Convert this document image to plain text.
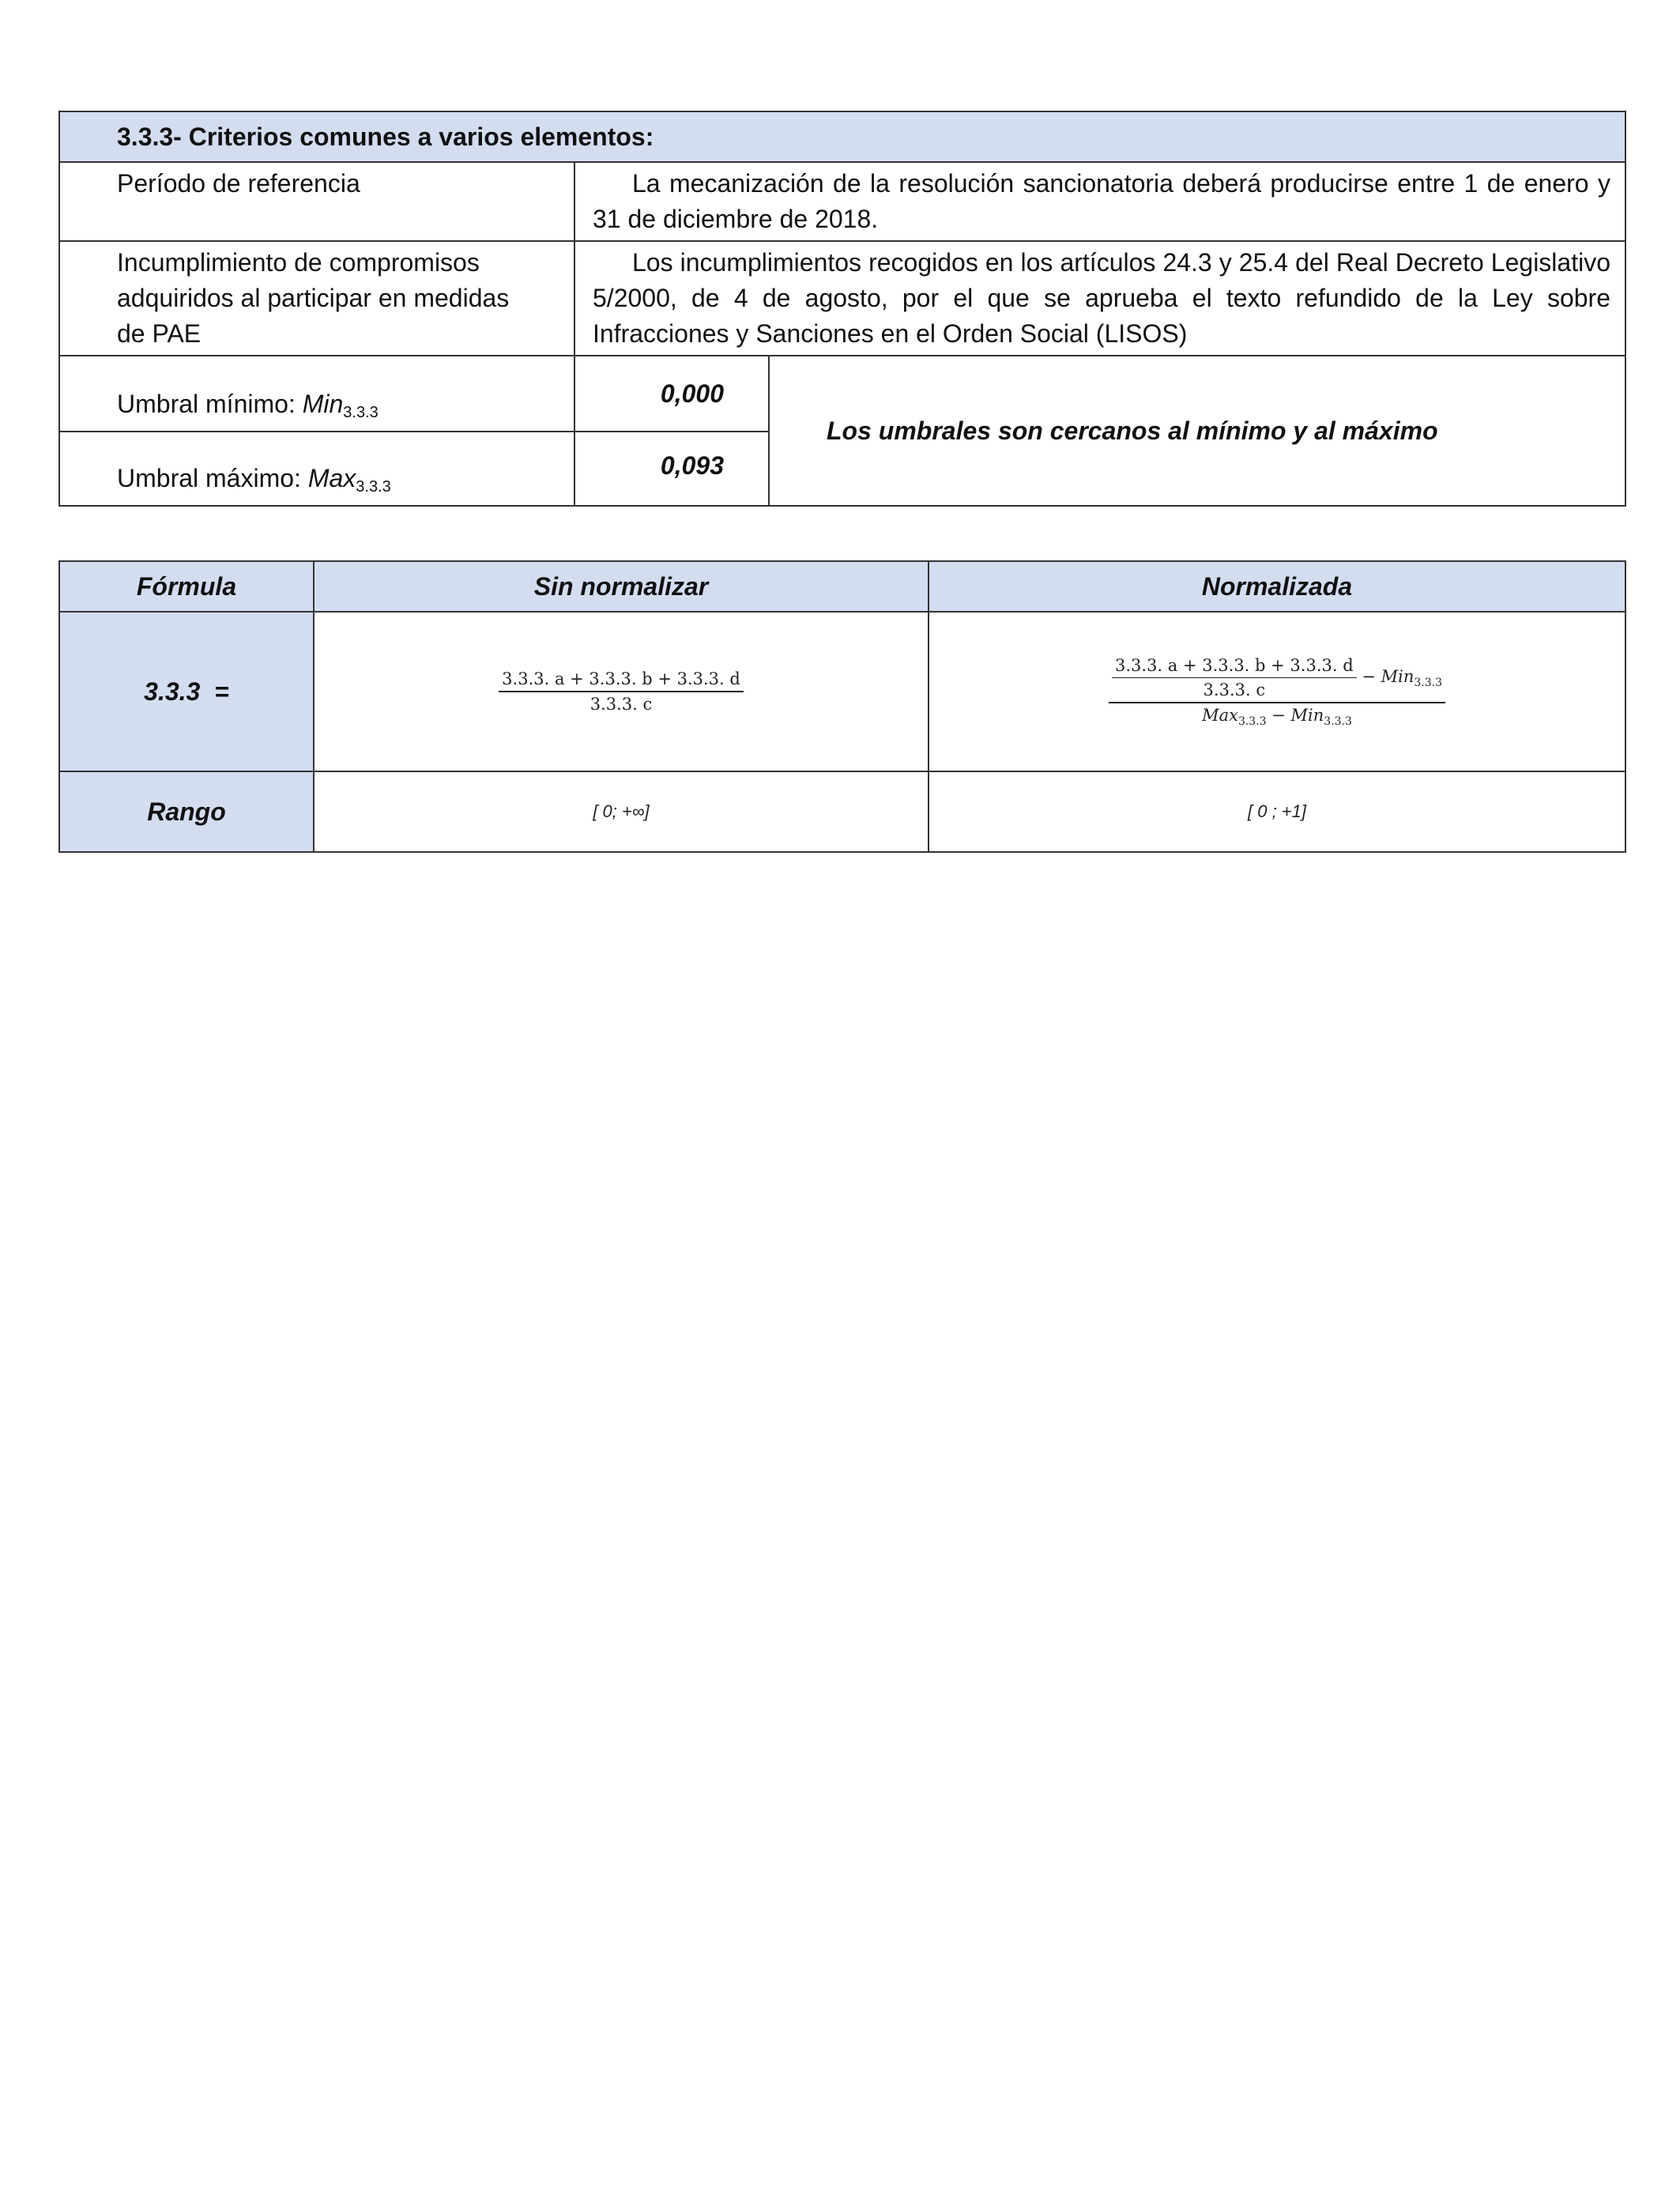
3.3.3- Criterios comunes a varios elementos:		
Período de referencia	La mecanización de la resolución sancionatoria deberá producirse entre 1 de enero y 31 de diciembre de 2018.	
Incumplimiento de compromisos adquiridos al participar en medidas de PAE	Los incumplimientos recogidos en los artículos 24.3 y 25.4 del Real Decreto Legislativo 5/2000, de 4 de agosto, por el que se aprueba el texto refundido de la Ley sobre Infracciones y Sanciones en el Orden Social (LISOS)	
Umbral mínimo: Min$_{3.3.3}$	0,000	Los umbrales son cercanos al mínimo y al máximo
Umbral máximo: Max$_{3.3.3}$	0,093	
Fórmula	Sin normalizar	Normalizada
3.3.3  =	$\frac{3.3.3. a + 3.3.3. b + 3.3.3. d}{3.3.3. c}$	$\frac{3.3.3. a + 3.3.3. b + 3.3.3. d}{3.3.3. c} - Min_{3.3.3}$
Max$_{3.3.3}$ − Min$_{3.3.3}$

Rango	[ 0; +∞]	[ 0 ; +1]
